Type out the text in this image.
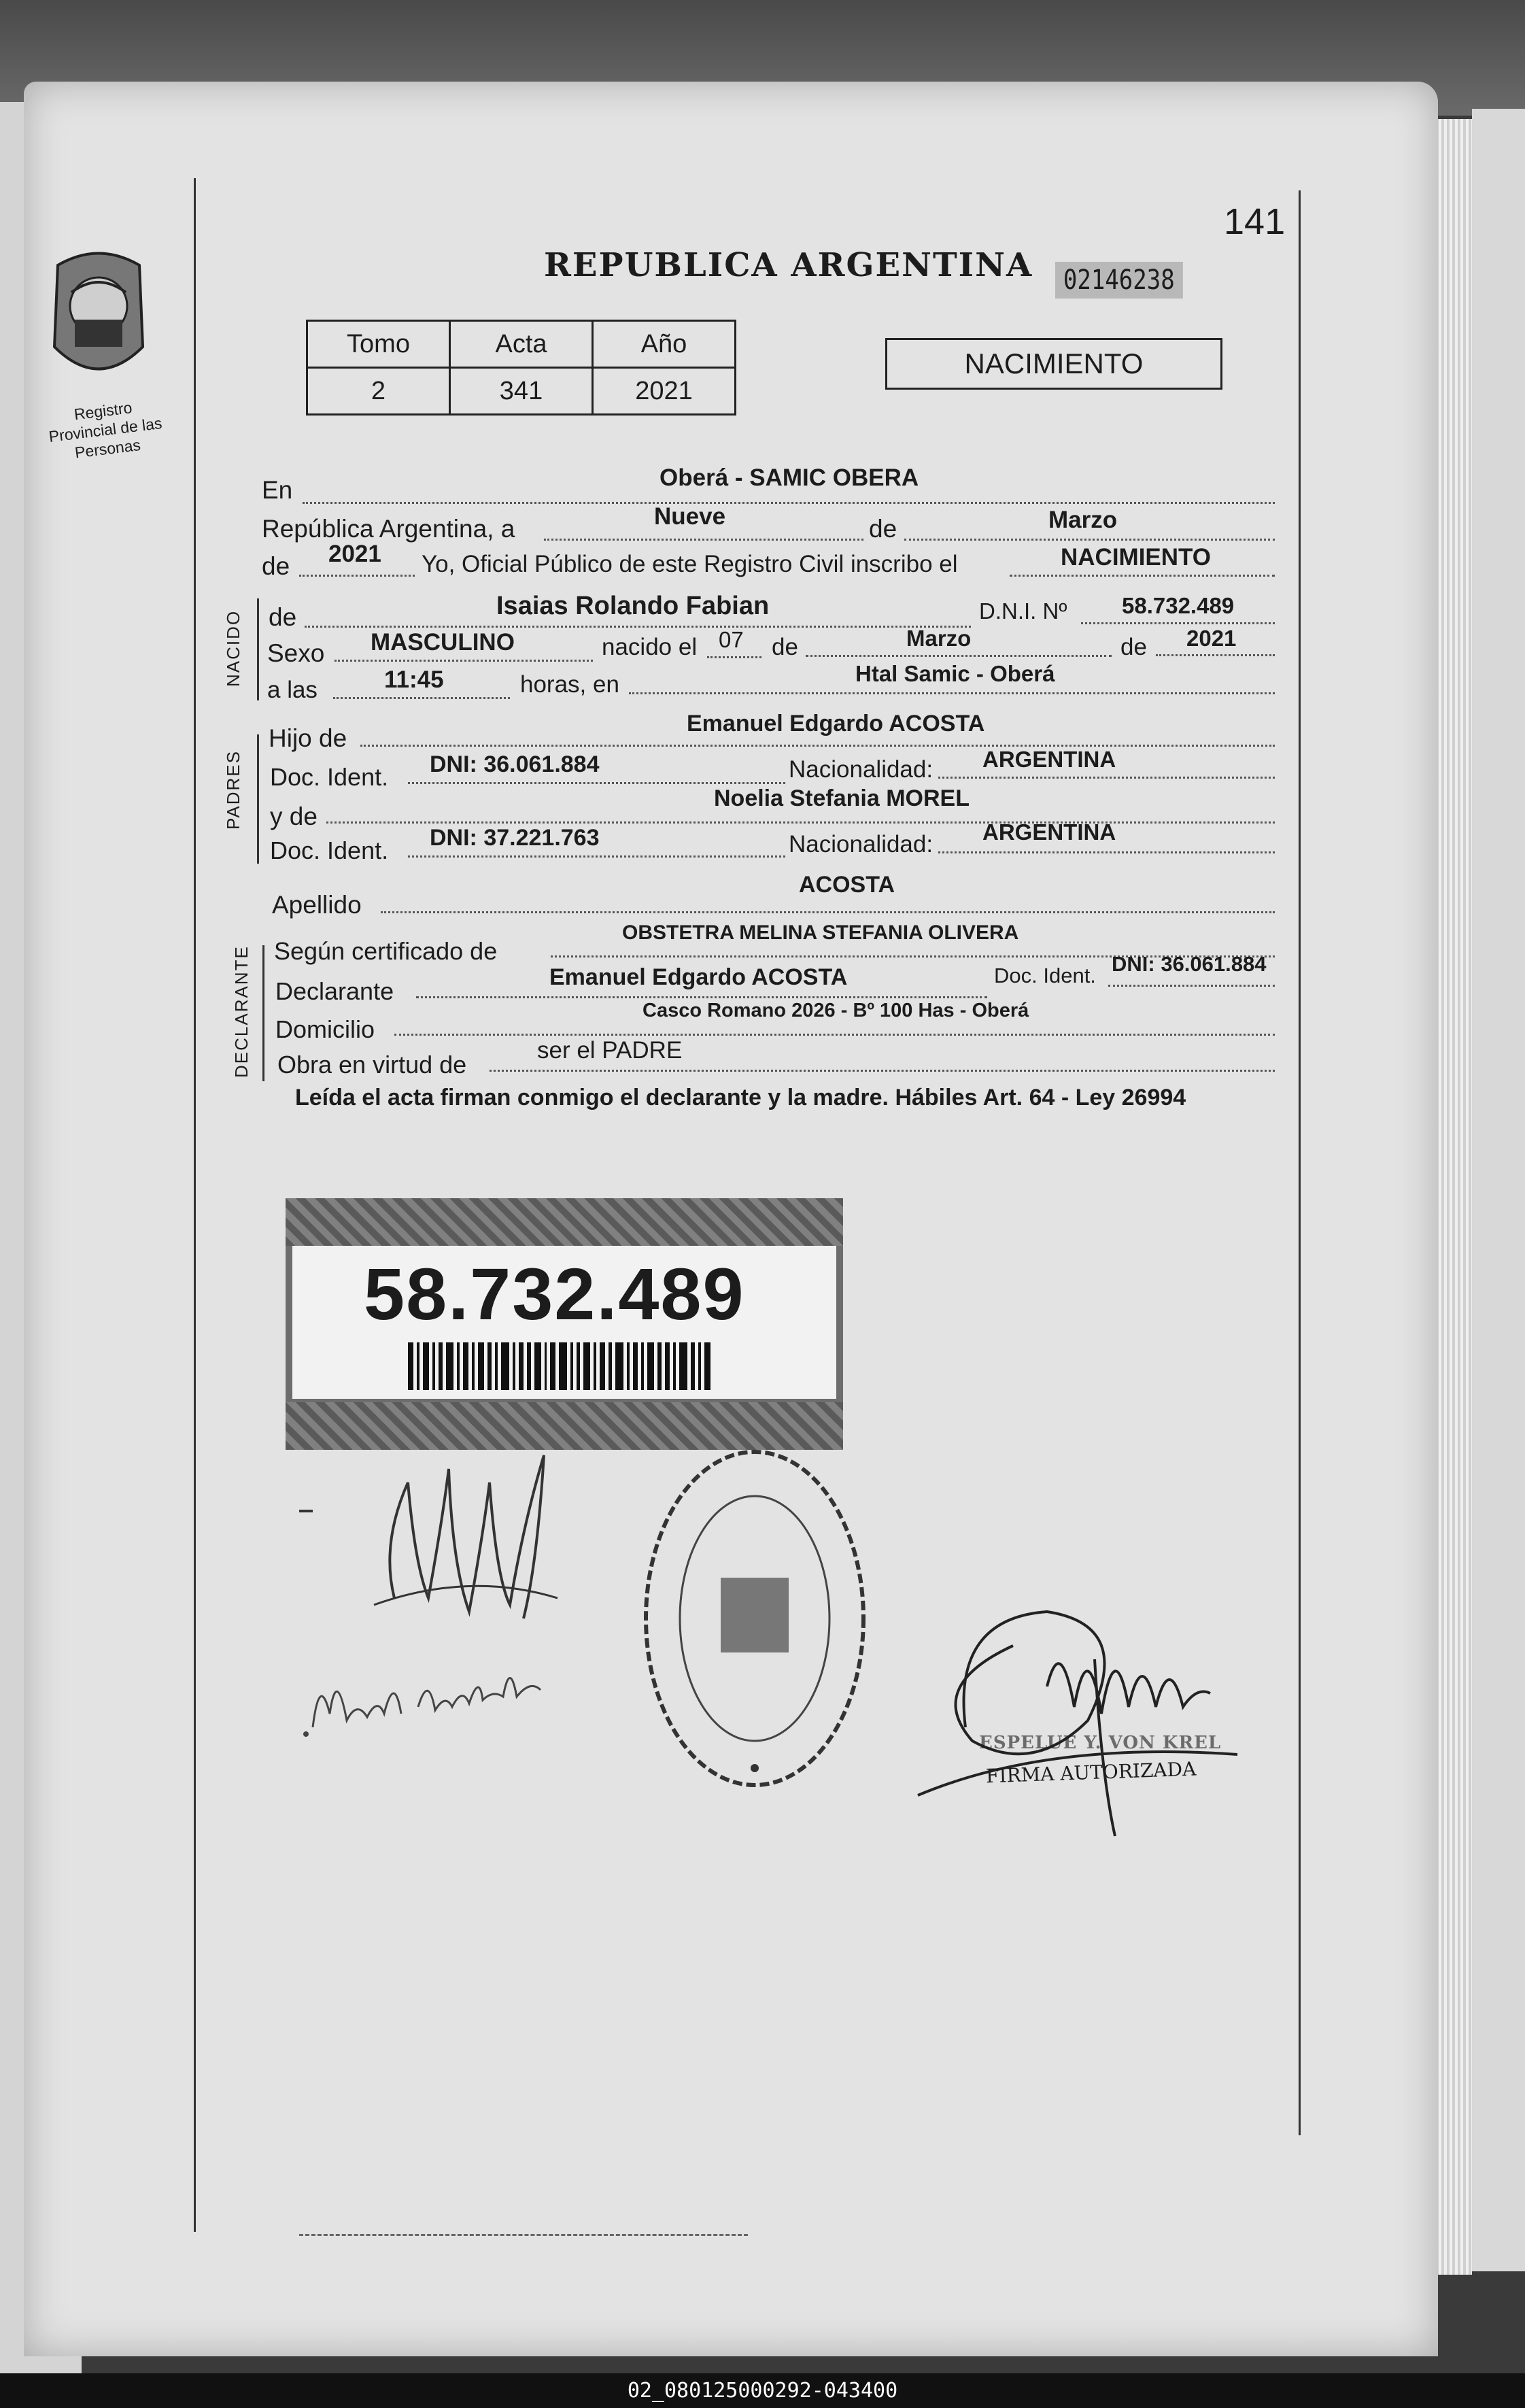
Registro Provincial de las Personas
141
REPUBLICA ARGENTINA 02146238
Tomo	Acta	Año
2	341	2021
NACIMIENTO
NACIDO
PADRES
DECLARANTE
En	Oberá - SAMIC OBERA
República Argentina, a	Nueve	de	Marzo
de 2021 Yo, Oficial Público de este Registro Civil inscribo el	NACIMIENTO
de	Isaias Rolando Fabian	D.N.I. Nº 58.732.489
Sexo MASCULINO	nacido el 07 de	Marzo	de 2021
a las	11:45	horas, en	Htal Samic - Oberá
Hijo de
Emanuel Edgardo ACOSTA
Doc. Ident. DNI: 36.061.884	Nacionalidad: ARGENTINA
y de
Noelia Stefania MOREL
Doc. Ident. DNI: 37.221.763	Nacionalidad: ARGENTINA
Apellido
ACOSTA
Según certificado de
OBSTETRA MELINA STEFANIA OLIVERA
Declarante	Emanuel Edgardo ACOSTA	Doc. Ident. DNI: 36.061.884
Domicilio
Casco Romano 2026 - Bº 100 Has - Oberá
Obra en virtud de
ser el PADRE
Leída el acta firman conmigo el declarante y la madre. Hábiles Art. 64 - Ley 26994
58.732.489
ESPELUE Y. VON KREL
FIRMA AUTORIZADA
02_080125000292-043400
